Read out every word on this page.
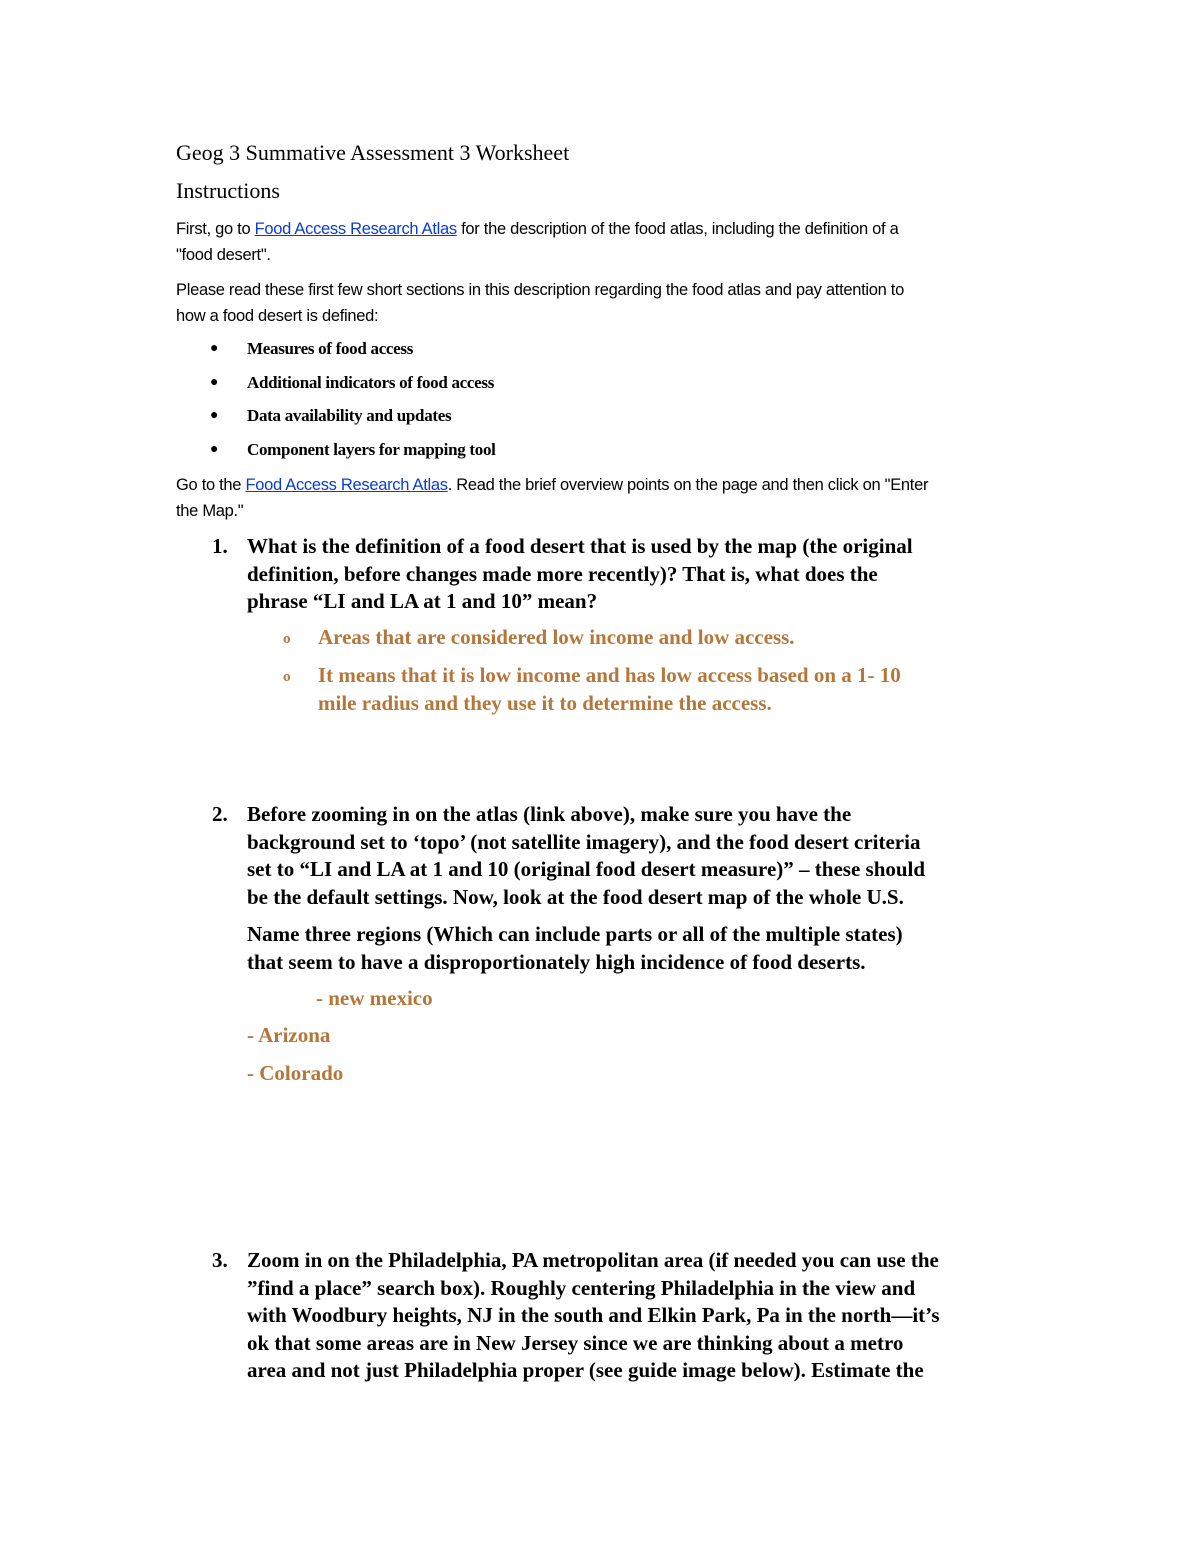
Geog 3 Summative Assessment 3 Worksheet
Instructions
First, go to Food Access Research Atlas for the description of the food atlas, including the definition of a
"food desert".
Please read these first few short sections in this description regarding the food atlas and pay attention to
how a food desert is defined:
● Measures of food access
● Additional indicators of food access
● Data availability and updates
● Component layers for mapping tool
Go to the Food Access Research Atlas. Read the brief overview points on the page and then click on "Enter
the Map."
1. What is the definition of a food desert that is used by the map (the original
definition, before changes made more recently)? That is, what does the
phrase “LI and LA at 1 and 10” mean?
o Areas that are considered low income and low access.
o It means that it is low income and has low access based on a 1- 10
mile radius and they use it to determine the access.
2. Before zooming in on the atlas (link above), make sure you have the
background set to ‘topo’ (not satellite imagery), and the food desert criteria
set to “LI and LA at 1 and 10 (original food desert measure)” – these should
be the default settings. Now, look at the food desert map of the whole U.S.
Name three regions (Which can include parts or all of the multiple states)
that seem to have a disproportionately high incidence of food deserts.
- new mexico
- Arizona
- Colorado
3. Zoom in on the Philadelphia, PA metropolitan area (if needed you can use the
”find a place” search box). Roughly centering Philadelphia in the view and
with Woodbury heights, NJ in the south and Elkin Park, Pa in the north—it’s
ok that some areas are in New Jersey since we are thinking about a metro
area and not just Philadelphia proper (see guide image below). Estimate the
